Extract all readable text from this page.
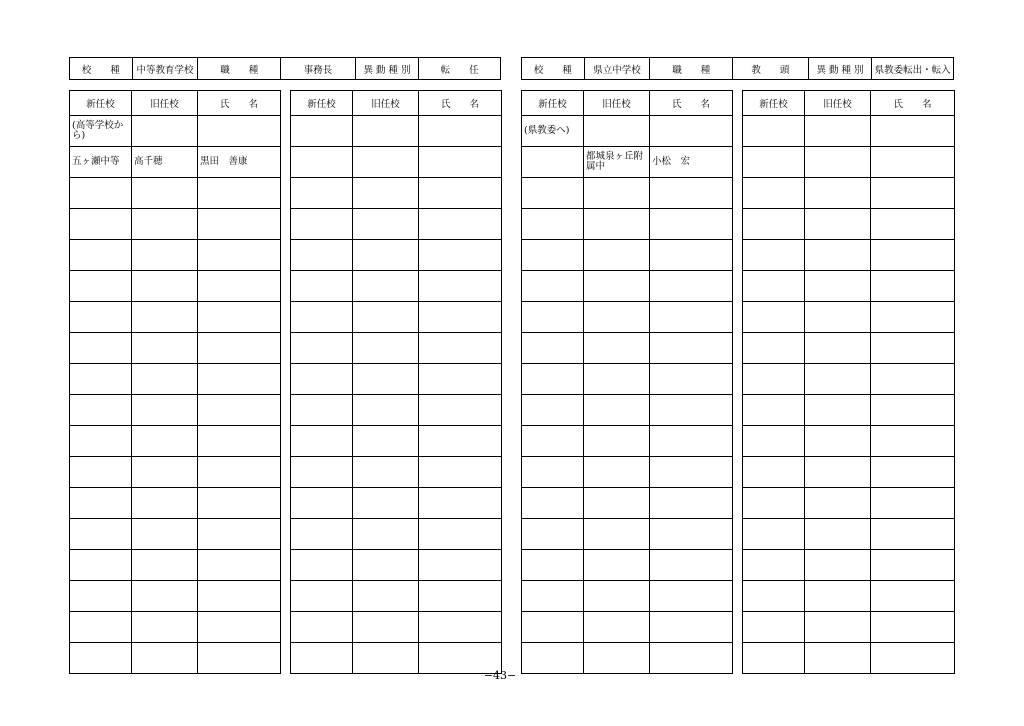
校　　種	中等教育学校	職　　種	事務長	異 動 種 別	転　　任	校　　種	県立中学校	職　　種	教　　頭	異 動 種 別	県教委転出・転入
新任校	旧任校	氏　　名
(高等学校から)		
五ヶ瀬中等	高千穂	黒田　善康

新任校	旧任校	氏　　名

			新任校	旧任校	氏　　名
(県教委へ)		
	都城泉ヶ丘附属中	小松　宏

新任校	旧任校	氏　　名

−43−
